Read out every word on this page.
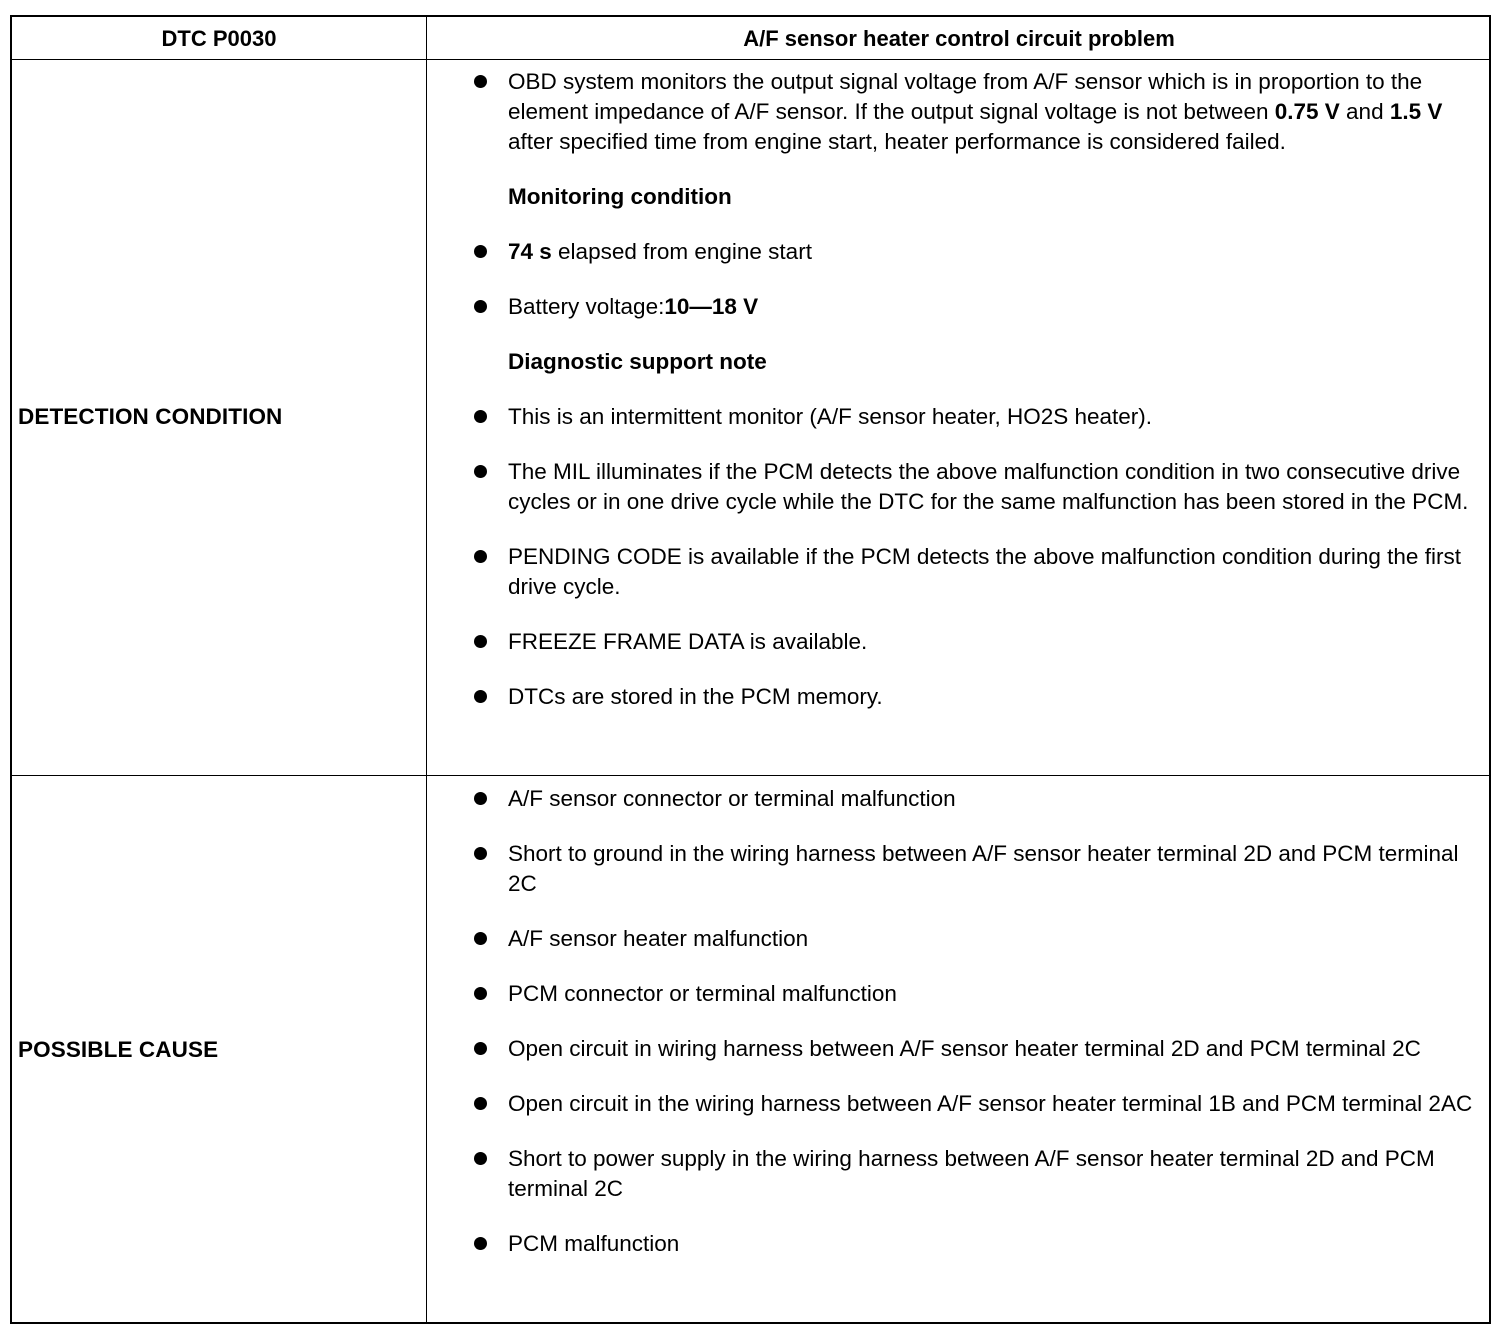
DTC P0030	A/F sensor heater control circuit problem
DETECTION CONDITION
POSSIBLE CAUSE
OBD system monitors the output signal voltage from A/F sensor which is in proportion to the element impedance of A/F sensor. If the output signal voltage is not between 0.75 V and 1.5 V after specified time from engine start, heater performance is considered failed.
Monitoring condition
74 s elapsed from engine start
Battery voltage:10—18 V
Diagnostic support note
This is an intermittent monitor (A/F sensor heater, HO2S heater).
The MIL illuminates if the PCM detects the above malfunction condition in two consecutive drive cycles or in one drive cycle while the DTC for the same malfunction has been stored in the PCM.
PENDING CODE is available if the PCM detects the above malfunction condition during the first drive cycle.
FREEZE FRAME DATA is available.
DTCs are stored in the PCM memory.
A/F sensor connector or terminal malfunction
Short to ground in the wiring harness between A/F sensor heater terminal 2D and PCM terminal 2C
A/F sensor heater malfunction
PCM connector or terminal malfunction
Open circuit in wiring harness between A/F sensor heater terminal 2D and PCM terminal 2C
Open circuit in the wiring harness between A/F sensor heater terminal 1B and PCM terminal 2AC
Short to power supply in the wiring harness between A/F sensor heater terminal 2D and PCM terminal 2C
PCM malfunction
